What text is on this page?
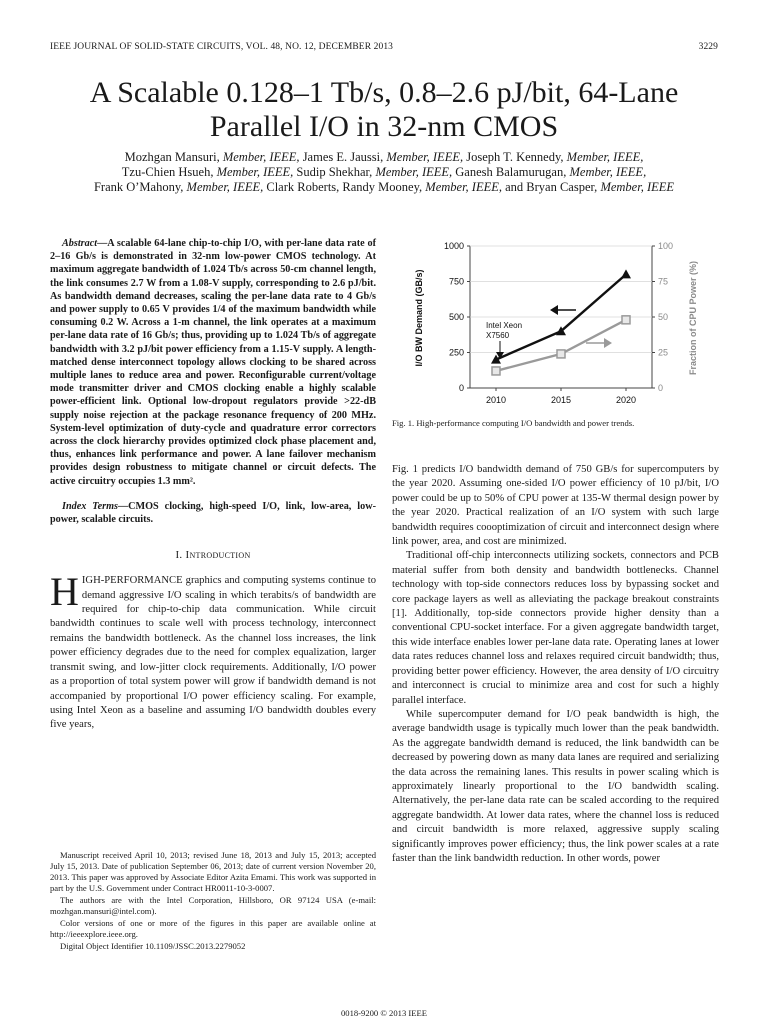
IEEE JOURNAL OF SOLID-STATE CIRCUITS, VOL. 48, NO. 12, DECEMBER 2013	3229
A Scalable 0.128–1 Tb/s, 0.8–2.6 pJ/bit, 64-Lane
Parallel I/O in 32-nm CMOS
Mozhgan Mansuri, Member, IEEE, James E. Jaussi, Member, IEEE, Joseph T. Kennedy, Member, IEEE,
Tzu-Chien Hsueh, Member, IEEE, Sudip Shekhar, Member, IEEE, Ganesh Balamurugan, Member, IEEE,
Frank O’Mahony, Member, IEEE, Clark Roberts, Randy Mooney, Member, IEEE, and Bryan Casper, Member, IEEE

Abstract—A scalable 64-lane chip-to-chip I/O, with per-lane data rate of 2–16 Gb/s is demonstrated in 32-nm low-power CMOS technology. At maximum aggregate bandwidth of 1.024 Tb/s across 50-cm channel length, the link consumes 2.7 W from a 1.08-V supply, corresponding to 2.6 pJ/bit. As bandwidth demand decreases, scaling the per-lane data rate to 4 Gb/s and power supply to 0.65 V provides 1/4 of the maximum bandwidth while consuming 0.2 W. Across a 1-m channel, the link operates at a maximum per-lane data rate of 16 Gb/s; thus, providing up to 1.024 Tb/s of aggregate bandwidth with 3.2 pJ/bit power efficiency from a 1.15-V supply. A length-matched dense interconnect topology allows clocking to be shared across multiple lanes to reduce area and power. Reconfigurable current/voltage mode transmitter driver and CMOS clocking enable a highly scalable power-efficient link. Optional low-dropout regulators provide >22-dB supply noise rejection at the package resonance frequency of 200 MHz. System-level optimization of duty-cycle and quadrature error correctors across the clock hierarchy provides optimized clock phase placement and, thus, enhances link performance and power. A lane failover mechanism provides design robustness to mitigate channel or circuit defects. The active circuitry occupies 1.3 mm².

Index Terms—CMOS clocking, high-speed I/O, link, low-area, low-power, scalable circuits.

I. Introduction

HIGH-PERFORMANCE graphics and computing systems continue to demand aggressive I/O scaling in which terabits/s of bandwidth are required for chip-to-chip data communication. While circuit bandwidth continues to scale well with process technology, interconnect remains the bandwidth bottleneck. As the channel loss increases, the link power efficiency degrades due to the need for complex equalization, larger transmit swing, and low-jitter clock requirements. Additionally, I/O power as a proportion of total system power will grow if bandwidth demand is not accompanied by proportional I/O power efficiency scaling. For example, using Intel Xeon as a baseline and assuming I/O bandwidth doubles every five years,

Manuscript received April 10, 2013; revised June 18, 2013 and July 15, 2013; accepted July 15, 2013. Date of publication September 06, 2013; date of current version November 20, 2013. This paper was approved by Associate Editor Azita Emami. This work was supported in part by the U.S. Government under Contract HR0011-10-3-0007.

The authors are with the Intel Corporation, Hillsboro, OR 97124 USA (e-mail: mozhgan.mansuri@intel.com).

Color versions of one or more of the figures in this paper are available online at http://ieeexplore.ieee.org.

Digital Object Identifier 10.1109/JSSC.2013.2279052

0
250
500
750
1000
0
25
50
75
100
2010	2015	2020
I/O BW Demand (GB/s)	Fraction of CPU Power (%)
Intel Xeon
X7560
Fig. 1. High-performance computing I/O bandwidth and power trends.

Fig. 1 predicts I/O bandwidth demand of 750 GB/s for supercomputers by the year 2020. Assuming one-sided I/O power efficiency of 10 pJ/bit, I/O power could be up to 50% of CPU power at 135-W thermal design power by the year 2020. Practical realization of an I/O system with such large bandwidth requires coooptimization of circuit and interconnect design where link power, area, and cost are minimized.

Traditional off-chip interconnects utilizing sockets, connectors and PCB material suffer from both density and bandwidth bottlenecks. Channel technology with top-side connectors reduces loss by bypassing socket and core package layers as well as alleviating the package breakout constraints [1]. Additionally, top-side connectors provide higher density than a conventional CPU-socket interface. For a given aggregate bandwidth target, this wide interface enables lower per-lane data rate. Operating lanes at lower data rates reduces channel loss and relaxes required circuit bandwidth; thus, providing better power efficiency. However, the area density of I/O circuitry and interconnect is crucial to minimize area and cost for such a highly parallel interface.

While supercomputer demand for I/O peak bandwidth is high, the average bandwidth usage is typically much lower than the peak bandwidth. As the aggregate bandwidth demand is reduced, the link bandwidth can be decreased by powering down as many data lanes are required and serializing the data across the remaining lanes. This results in power scaling which is approximately linearly proportional to the I/O bandwidth scaling. Alternatively, the per-lane data rate can be scaled according to the required aggregate bandwidth. At lower data rates, where the channel loss is reduced and circuit bandwidth is more relaxed, aggressive supply scaling significantly improves power efficiency; thus, the link power scales at a rate faster than the link bandwidth reduction. In other words, power

0018-9200 © 2013 IEEE
